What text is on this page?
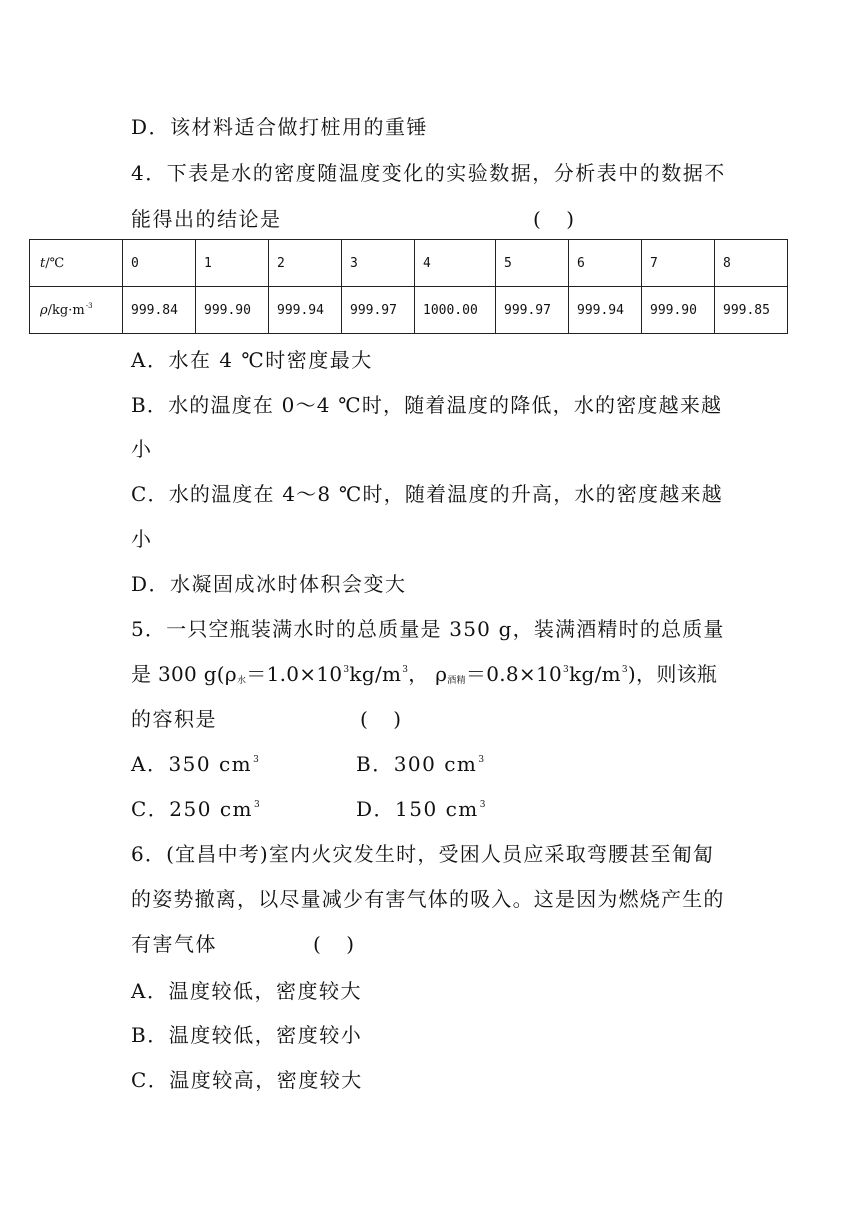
D．该材料适合做打桩用的重锤

4．下表是水的密度随温度变化的实验数据，分析表中的数据不

能得出的结论是	(    )
t/℃	0	1	2	3	4	5	6	7	8
$\rho/kg\cdot m^{-3}$	999.84	999.90	999.94	999.97	1000.00	999.97	999.94	999.90	999.85

A．水在 4 ℃时密度最大

B．水的温度在 0～4 ℃时，随着温度的降低，水的密度越来越

小

C．水的温度在 4～8 ℃时，随着温度的升高，水的密度越来越

小

D．水凝固成冰时体积会变大

5．一只空瓶装满水时的总质量是 350 g，装满酒精时的总质量

是 300 $g(\rho_水=1.0\times 10^3kg/m^3$， $\rho_{酒精}=0.8\times 10^3kg/m^3$)，则该瓶

的容积是	(    )

A．350 $cm^3$	B．300 $cm^3$

C．250 $cm^3$	D．150 $cm^3$

6．(宜昌中考)室内火灾发生时，受困人员应采取弯腰甚至匍匐

的姿势撤离，以尽量减少有害气体的吸入。这是因为燃烧产生的

有害气体	(    )

A．温度较低，密度较大

B．温度较低，密度较小

C．温度较高，密度较大
